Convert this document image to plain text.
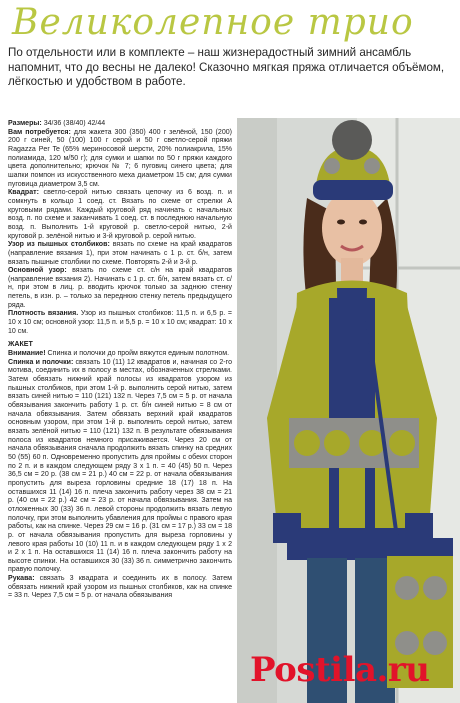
Великолепное трио
По отдельности или в комплекте – наш жизнерадостный зимний ансамбль напомнит, что до весны не далеко! Сказочно мягкая пряжа отличается объёмом, лёгкостью и удобством в работе.

Размеры: 34/36 (38/40) 42/44

Вам потребуется: для жакета 300 (350) 400 г зелёной, 150 (200) 200 г синей, 50 (100) 100 г серой и 50 г светло-серой пряжи Ragazza Per Te (65% мериносовой шерсти, 20% полиакрила, 15% полиамида, 120 м/50 г); для сумки и шапки по 50 г пряжи каждого цвета дополнительно; крючок № 7; 6 пуговиц синего цвета; для шапки помпон из искусственного меха диаметром 15 см; для сумки пуговица диаметром 3,5 см.

Квадрат: светло-серой нитью связать цепочку из 6 возд. п. и сомкнуть в кольцо 1 соед. ст. Вязать по схеме от стрелки A круговыми рядами. Каждый круговой ряд начинать с начальных возд. п. по схеме и заканчивать 1 соед. ст. в последнюю начальную возд. п. Выполнить 1-й круговой р. светло-серой нитью, 2-й круговой р. зелёной нитью и 3-й круговой р. серой нитью.

Узор из пышных столбиков: вязать по схеме на край квадратов (направление вязания 1), при этом начинать с 1 р. ст. б/н, затем вязать пышные столбики по схеме. Повторять 2-й и 3-й р.

Основной узор: вязать по схеме ст. с/н на край квадратов (направление вязания 2). Начинать с 1 р. ст. б/н, затем вязать ст. с/н, при этом в лиц. р. вводить крючок только за заднюю стенку петель, в изн. р. – только за переднюю стенку петель предыдущего ряда.

Плотность вязания. Узор из пышных столбиков: 11,5 п. и 6,5 р. = 10 х 10 см; основной узор: 11,5 п. и 5,5 р. = 10 х 10 см; квадрат: 10 х 10 см.

ЖАКЕТ

Внимание! Спинка и полочки до пройм вяжутся единым полотном.

Спинка и полочки: связать 10 (11) 12 квадратов и, начиная со 2-го мотива, соединить их в полосу в местах, обозначенных стрелками. Затем обвязать нижний край полосы из квадратов узором из пышных столбиков, при этом 1-й р. выполнить серой нитью, затем вязать синей нитью = 110 (121) 132 п. Через 7,5 см = 5 р. от начала обвязывания закончить работу 1 р. ст. б/н синей нитью = 8 см от начала обвязывания. Затем обвязать верхний край квадратов основным узором, при этом 1-й р. выполнить серой нитью, затем вязать зелёной нитью = 110 (121) 132 п. В результате обвязывания полоса из квадратов немного присаживается. Через 20 см от начала обвязывания сначала продолжить вязать спинку на средних 50 (55) 60 п. Одновременно пропустить для проймы с обеих сторон по 2 п. и в каждом следующем ряду 3 х 1 п. = 40 (45) 50 п. Через 36,5 см = 20 р. (38 см = 21 р.) 40 см = 22 р. от начала обвязывания пропустить для выреза горловины средние 18 (17) 18 п. На оставшихся 11 (14) 16 п. плеча закончить работу через 38 см = 21 р. (40 см = 22 р.) 42 см = 23 р. от начала обвязывания. Затем на отложенных 30 (33) 36 п. левой стороны продолжить вязать левую полочку, при этом выполнить убавления для проймы с правого края работы, как на спинке. Через 29 см = 16 р. (31 см = 17 р.) 33 см = 18 р. от начала обвязывания пропустить для выреза горловины у левого края работы 10 (10) 11 п. и в каждом следующем ряду 1 х 2 и 2 х 1 п. На оставшихся 11 (14) 16 п. плеча закончить работу на высоте спинки. На оставшихся 30 (33) 36 п. симметрично закончить правую полочку.

Рукава: связать 3 квадрата и соединить их в полосу. Затем обвязать нижний край узором из пышных столбиков, как на спинке = 33 п. Через 7,5 см = 5 р. от начала обвязывания

Postila.ru
